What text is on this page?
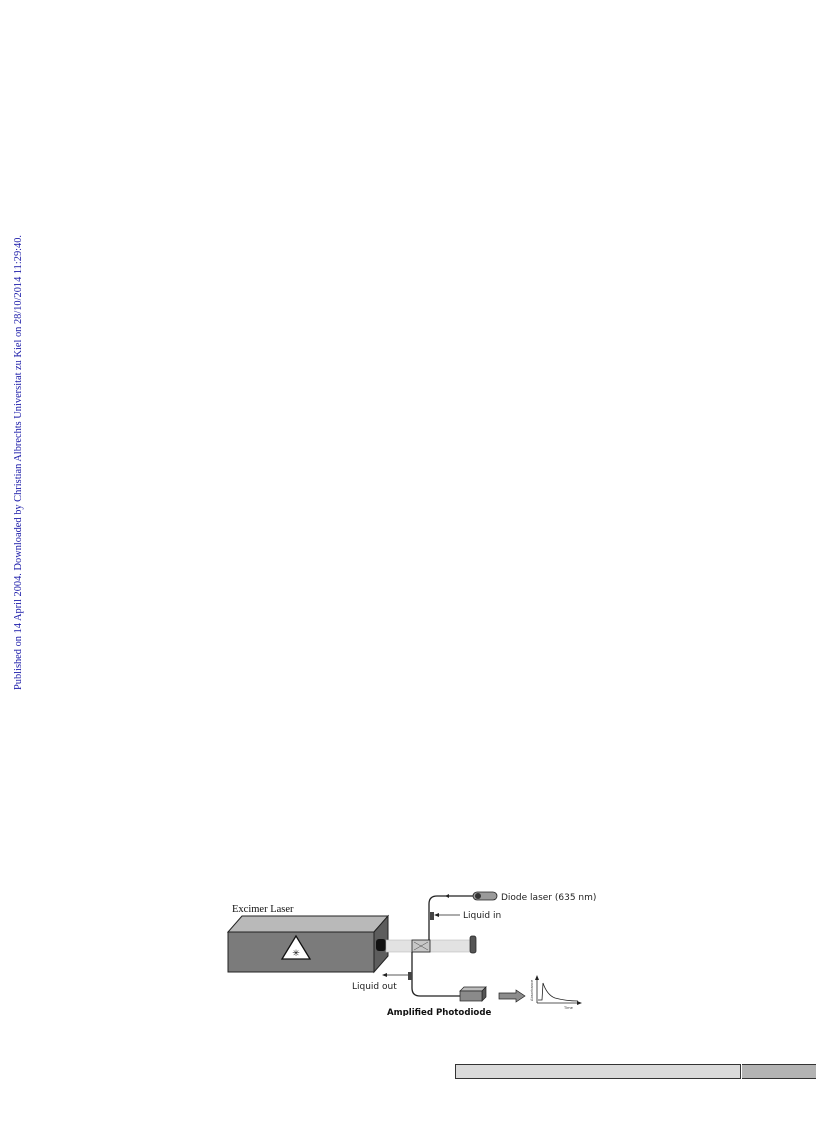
Published on 14 April 2004. Downloaded by Christian Albrechts Universitat zu Kiel on 28/10/2014 11:29:40.
✳
Excimer Laser
Diode laser (635 nm)
Liquid in
Liquid out
Amplified Photodiode	Time
Absorbance
